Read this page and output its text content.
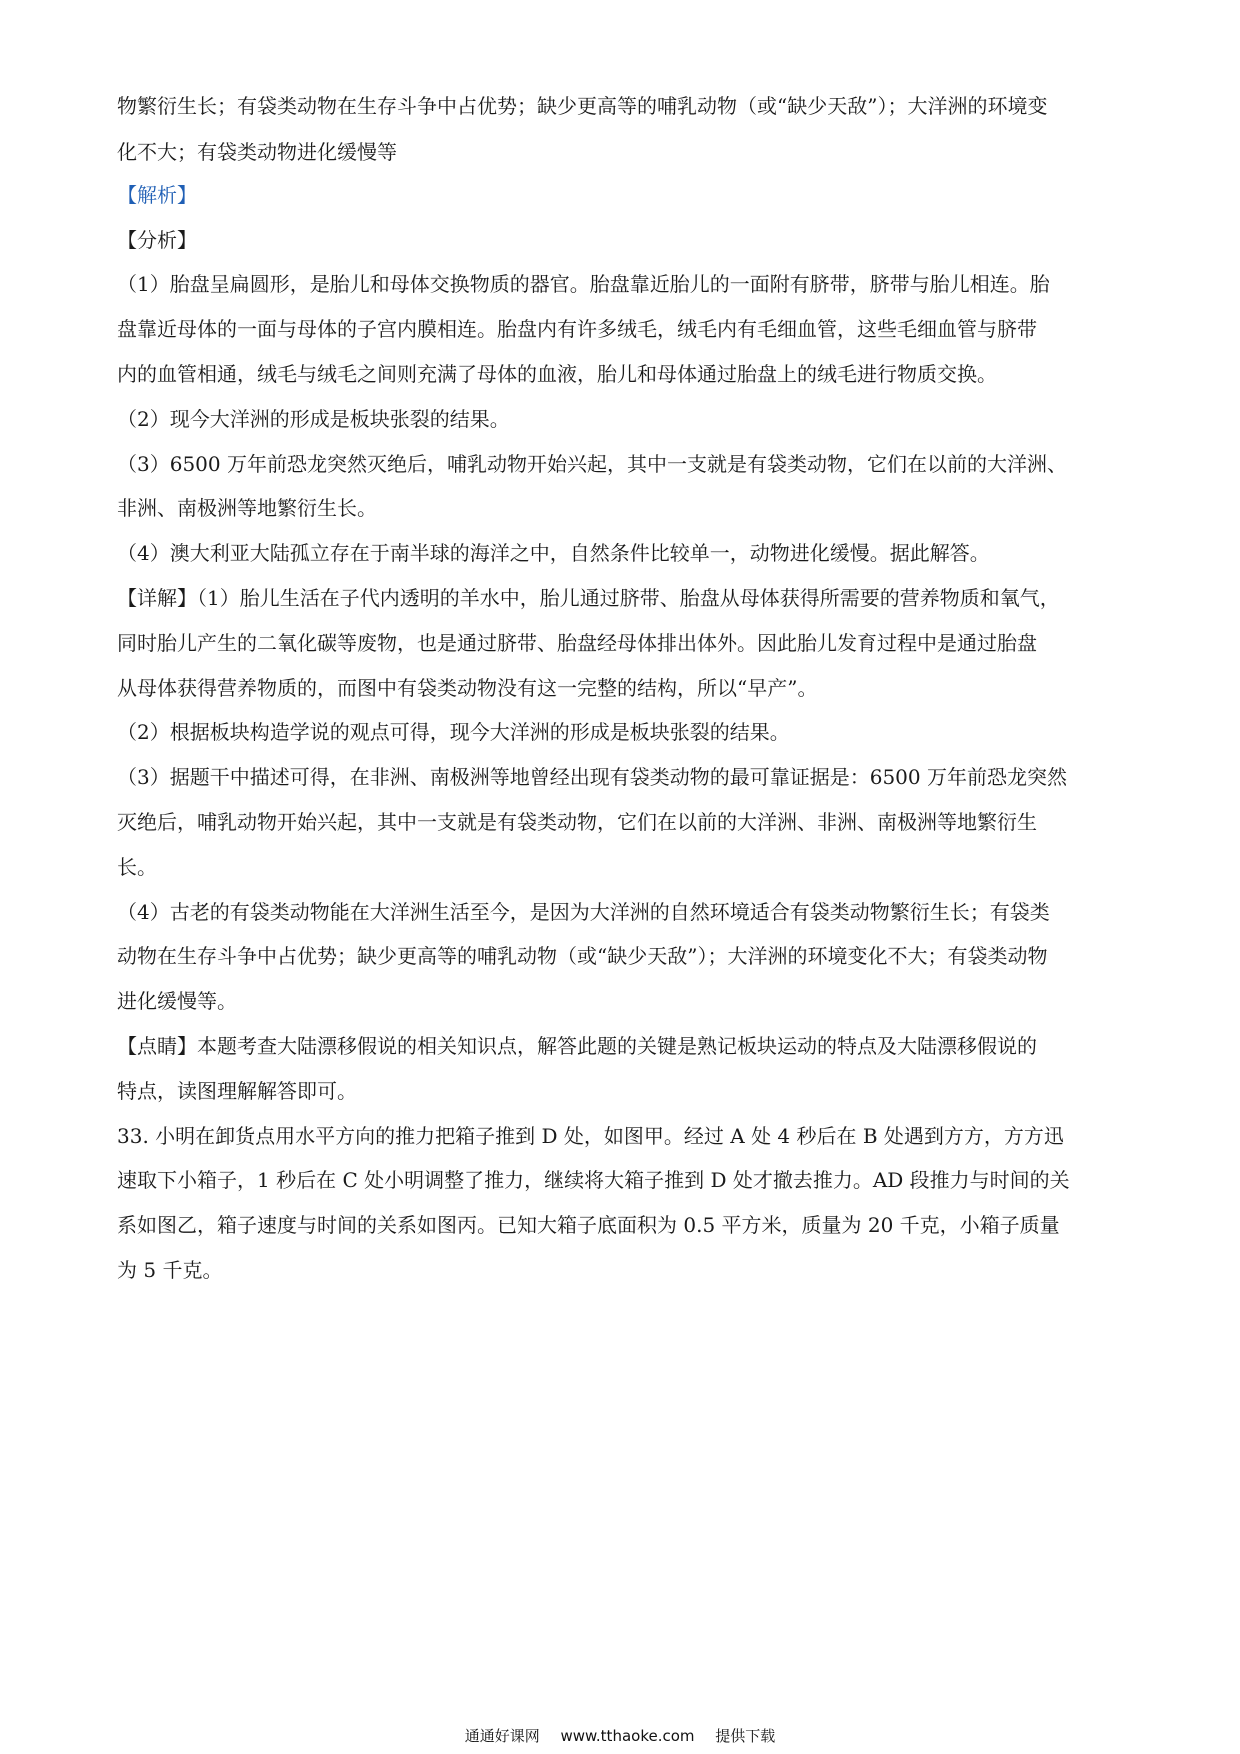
物繁衍生长；有袋类动物在生存斗争中占优势；缺少更高等的哺乳动物（或“缺少天敌”）；大洋洲的环境变
化不大；有袋类动物进化缓慢等
【解析】
【分析】
（1）胎盘呈扁圆形，是胎儿和母体交换物质的器官。胎盘靠近胎儿的一面附有脐带，脐带与胎儿相连。胎
盘靠近母体的一面与母体的子宫内膜相连。胎盘内有许多绒毛，绒毛内有毛细血管，这些毛细血管与脐带
内的血管相通，绒毛与绒毛之间则充满了母体的血液，胎儿和母体通过胎盘上的绒毛进行物质交换。
（2）现今大洋洲的形成是板块张裂的结果。
（3）6500 万年前恐龙突然灭绝后，哺乳动物开始兴起，其中一支就是有袋类动物，它们在以前的大洋洲、
非洲、南极洲等地繁衍生长。
（4）澳大利亚大陆孤立存在于南半球的海洋之中，自然条件比较单一，动物进化缓慢。据此解答。
【详解】（1）胎儿生活在子代内透明的羊水中，胎儿通过脐带、胎盘从母体获得所需要的营养物质和氧气，
同时胎儿产生的二氧化碳等废物，也是通过脐带、胎盘经母体排出体外。因此胎儿发育过程中是通过胎盘
从母体获得营养物质的，而图中有袋类动物没有这一完整的结构，所以“早产”。
（2）根据板块构造学说的观点可得，现今大洋洲的形成是板块张裂的结果。
（3）据题干中描述可得，在非洲、南极洲等地曾经出现有袋类动物的最可靠证据是：6500 万年前恐龙突然
灭绝后，哺乳动物开始兴起，其中一支就是有袋类动物，它们在以前的大洋洲、非洲、南极洲等地繁衍生
长。
（4）古老的有袋类动物能在大洋洲生活至今，是因为大洋洲的自然环境适合有袋类动物繁衍生长；有袋类
动物在生存斗争中占优势；缺少更高等的哺乳动物（或“缺少天敌”）；大洋洲的环境变化不大；有袋类动物
进化缓慢等。
【点睛】本题考查大陆漂移假说的相关知识点，解答此题的关键是熟记板块运动的特点及大陆漂移假说的
特点，读图理解解答即可。
33. 小明在卸货点用水平方向的推力把箱子推到 D 处，如图甲。经过 A 处 4 秒后在 B 处遇到方方，方方迅
速取下小箱子，1 秒后在 C 处小明调整了推力，继续将大箱子推到 D 处才撤去推力。AD 段推力与时间的关
系如图乙，箱子速度与时间的关系如图丙。已知大箱子底面积为 0.5 平方米，质量为 20 千克，小箱子质量
为 5 千克。
通通好课网 www.tthaoke.com 提供下载
